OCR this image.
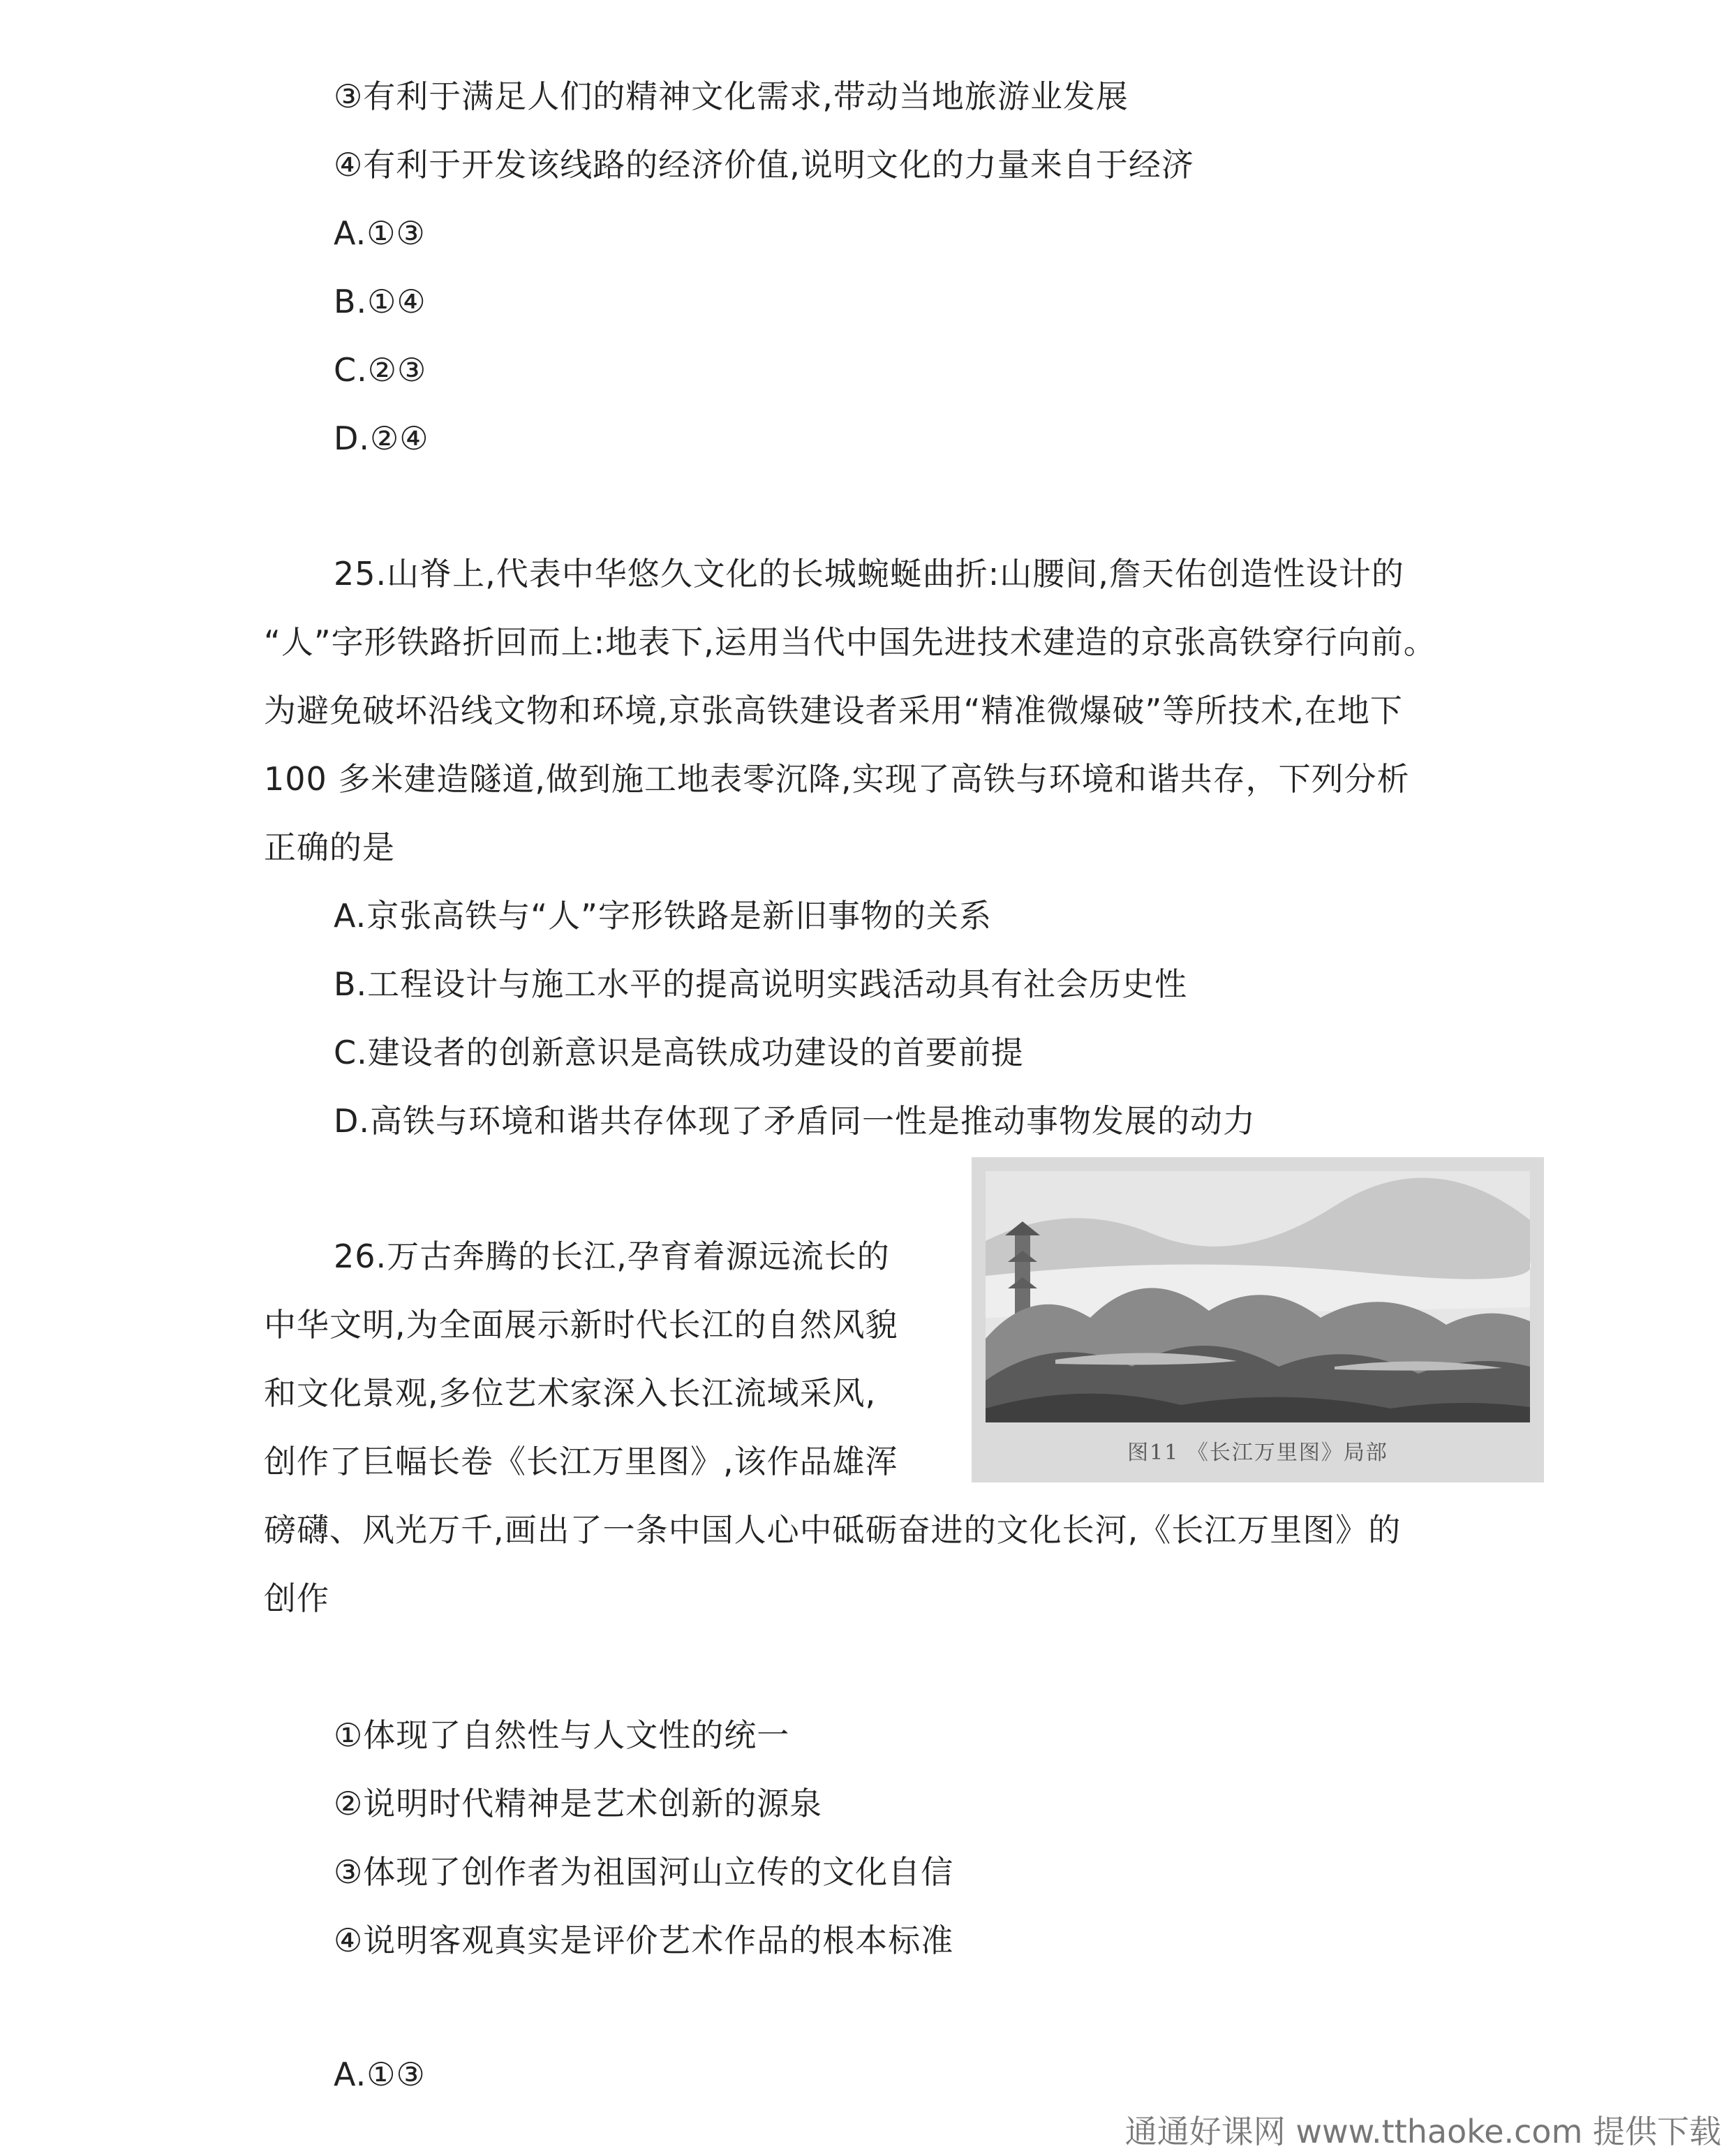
③有利于满足人们的精神文化需求,带动当地旅游业发展
④有利于开发该线路的经济价值,说明文化的力量来自于经济
A.①③
B.①④
C.②③
D.②④
25.山脊上,代表中华悠久文化的长城蜿蜒曲折:山腰间,詹天佑创造性设计的
“人”字形铁路折回而上:地表下,运用当代中国先进技术建造的京张高铁穿行向前。
为避免破坏沿线文物和环境,京张高铁建设者采用“精准微爆破”等所技术,在地下
100 多米建造隧道,做到施工地表零沉降,实现了高铁与环境和谐共存，下列分析
正确的是
A.京张高铁与“人”字形铁路是新旧事物的关系
B.工程设计与施工水平的提高说明实践活动具有社会历史性
C.建设者的创新意识是高铁成功建设的首要前提
D.高铁与环境和谐共存体现了矛盾同一性是推动事物发展的动力
图11 《长江万里图》局部
26.万古奔腾的长江,孕育着源远流长的
中华文明,为全面展示新时代长江的自然风貌
和文化景观,多位艺术家深入长江流域采风,
创作了巨幅长卷《长江万里图》,该作品雄浑
磅礴、风光万千,画出了一条中国人心中砥砺奋进的文化长河,《长江万里图》的
创作
①体现了自然性与人文性的统一
②说明时代精神是艺术创新的源泉
③体现了创作者为祖国河山立传的文化自信
④说明客观真实是评价艺术作品的根本标准
A.①③
通通好课网 www.tthaoke.com 提供下载
